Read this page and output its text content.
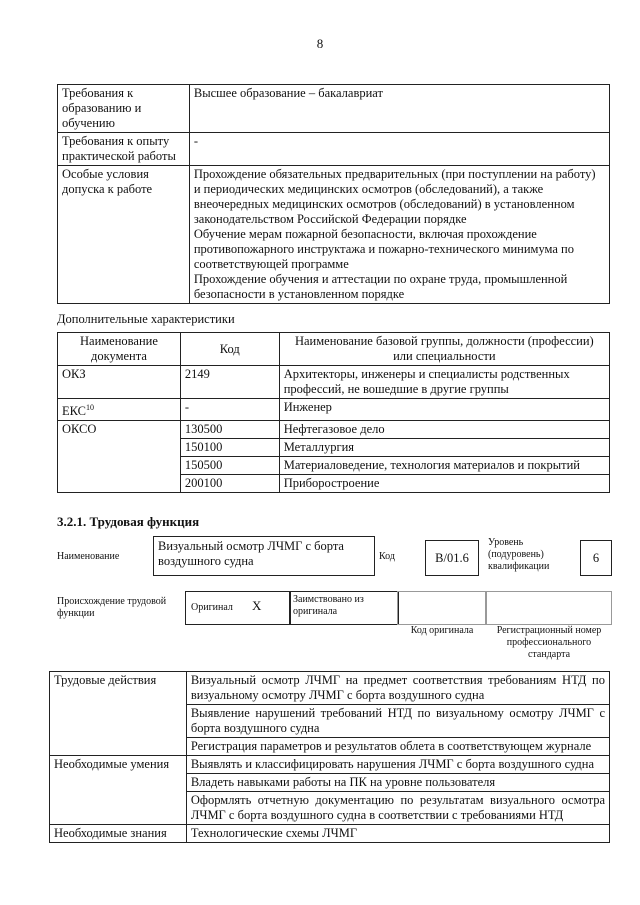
8
Требования к образованию и обучению	Высшее образование – бакалавриат

Требования к опыту практической работы	-

Особые условия допуска к работе	Прохождение обязательных предварительных (при поступлении на работу) и периодических медицинских осмотров (обследований), а также внеочередных медицинских осмотров (обследований) в установленном законодательством Российской Федерации порядке
Обучение мерам пожарной безопасности, включая прохождение противопожарного инструктажа и пожарно-технического минимума по соответствующей программе
Прохождение обучения и аттестации по охране труда, промышленной безопасности в установленном порядке
Дополнительные характеристики
Наименование документа	Код	Наименование базовой группы, должности (профессии) или специальности
ОКЗ	2149	Архитекторы, инженеры и специалисты родственных профессий, не вошедшие в другие группы
ЕКС$^{10}$	-	Инженер
ОКСО	130500	Нефтегазовое дело
	150100	Металлургия
	150500	Материаловедение, технология материалов и покрытий
	200100	Приборостроение
3.2.1. Трудовая функция
Наименование
Визуальный осмотр ЛЧМГ с борта воздушного судна	Код	B/01.6
Уровень (подуровень) квалификации
6
Происхождение трудовой функции
Оригинал X	Заимствовано из оригинала
Код оригинала	Регистрационный номер профессионального стандарта
Трудовые действия	Визуальный осмотр ЛЧМГ на предмет соответствия требованиям НТД по визуальному осмотру ЛЧМГ с борта воздушного судна
	Выявление нарушений требований НТД по визуальному осмотру ЛЧМГ с борта воздушного судна
	Регистрация параметров и результатов облета в соответствующем журнале
Необходимые умения	Выявлять и классифицировать нарушения ЛЧМГ с борта воздушного судна
	Владеть навыками работы на ПК на уровне пользователя
	Оформлять отчетную документацию по результатам визуального осмотра ЛЧМГ с борта воздушного судна в соответствии с требованиями НТД
Необходимые знания	Технологические схемы ЛЧМГ
